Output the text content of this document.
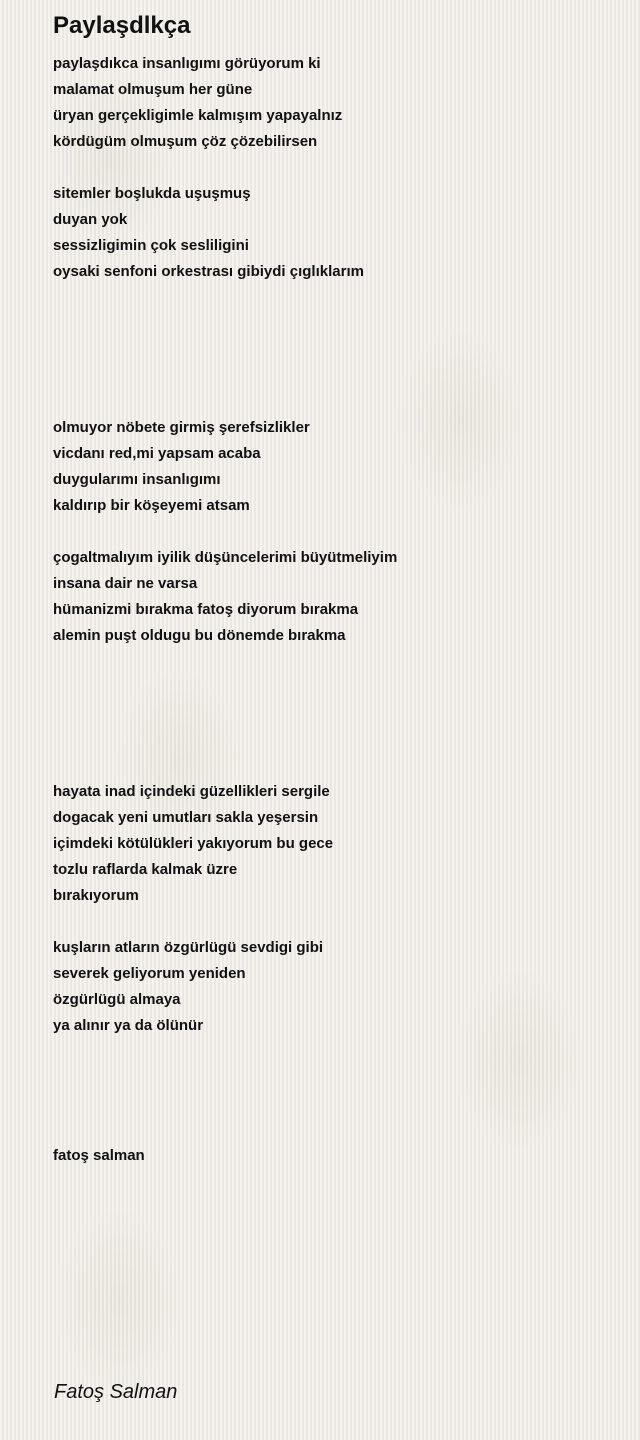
Paylaşdlkça
paylaşdıkca insanlıgımı görüyorum ki
malamat olmuşum her güne
üryan gerçekligimle kalmışım yapayalnız
kördügüm olmuşum çöz çözebilirsen
sitemler boşlukda uşuşmuş
duyan yok
sessizligimin çok sesliligini
oysaki senfoni orkestrası gibiydi çıglıklarım
olmuyor nöbete girmiş şerefsizlikler
vicdanı red,mi yapsam acaba
duygularımı insanlıgımı
kaldırıp bir köşeyemi atsam
çogaltmalıyım iyilik düşüncelerimi büyütmeliyim
insana dair ne varsa
hümanizmi bırakma fatoş diyorum bırakma
alemin puşt oldugu bu dönemde bırakma
hayata inad içindeki güzellikleri sergile
dogacak yeni umutları sakla yeşersin
içimdeki kötülükleri yakıyorum bu gece
tozlu raflarda kalmak üzre
bırakıyorum
kuşların atların özgürlügü sevdigi gibi
severek geliyorum yeniden
özgürlügü almaya
ya alınır ya da ölünür
fatoş salman
Fatoş Salman
